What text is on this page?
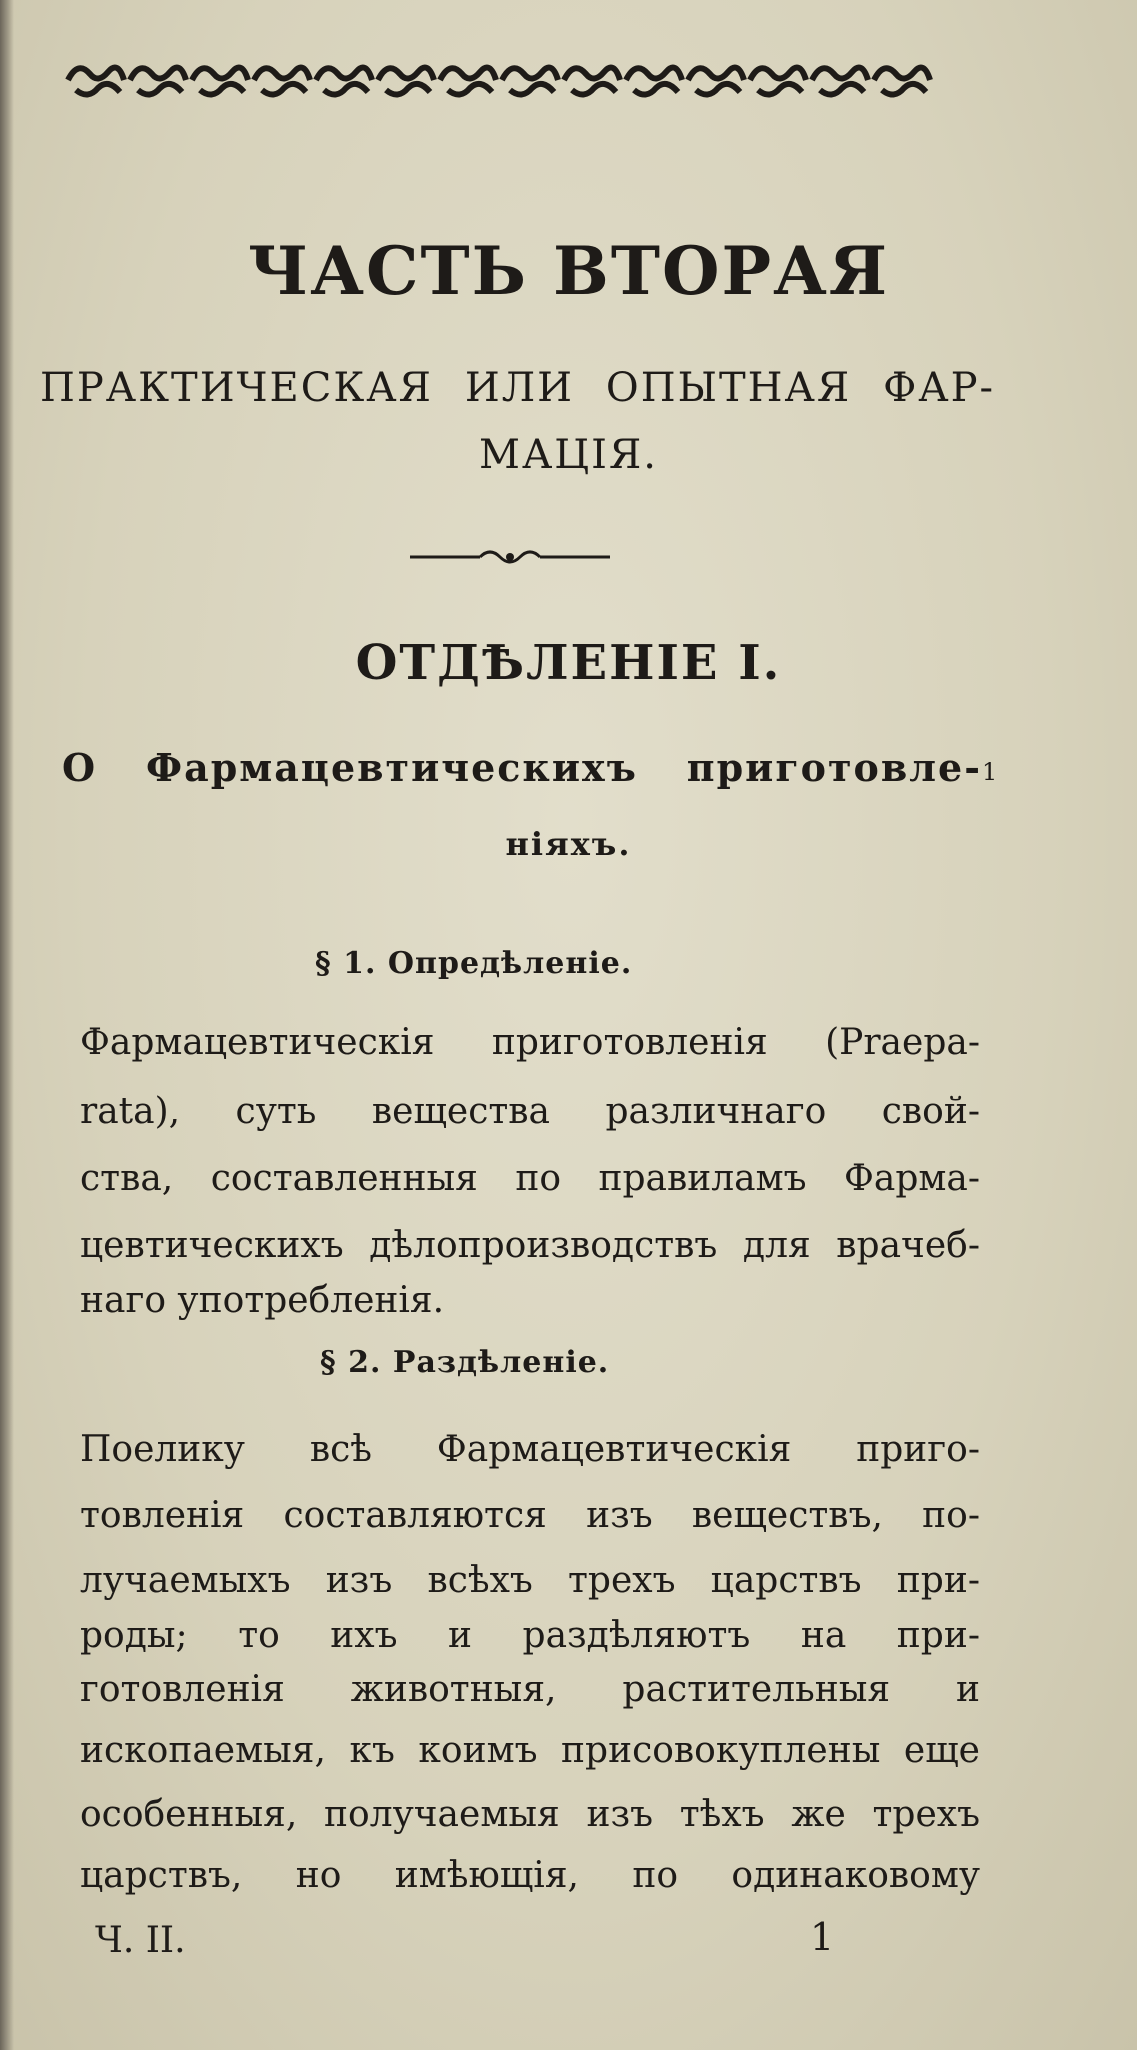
ЧАСТЬ ВТОРАЯ
ПРАКТИЧЕСКАЯ ИЛИ ОПЫТНАЯ ФАР-
МАЦІЯ.
ОТДѢЛЕНІЕ I.
О Фармацевтическихъ приготовле- 1
ніяхъ.
§ 1. Опредѣленіе.
Фармацевтическія приготовленія (Praepa-
rata), суть вещества различнаго свой-
ства, составленныя по правиламъ Фарма-
цевтическихъ дѣлопроизводствъ для врачеб-
наго употребленія.
§ 2. Раздѣленіе.
Поелику всѣ Фармацевтическія приго-
товленія составляются изъ веществъ, по-
лучаемыхъ изъ всѣхъ трехъ царствъ при-
роды; то ихъ и раздѣляютъ на при-
готовленія животныя, растительныя и
ископаемыя, къ коимъ присовокуплены еще
особенныя, получаемыя изъ тѣхъ же трехъ
царствъ, но имѣющія, по одинаковому
Ч. II.	1
